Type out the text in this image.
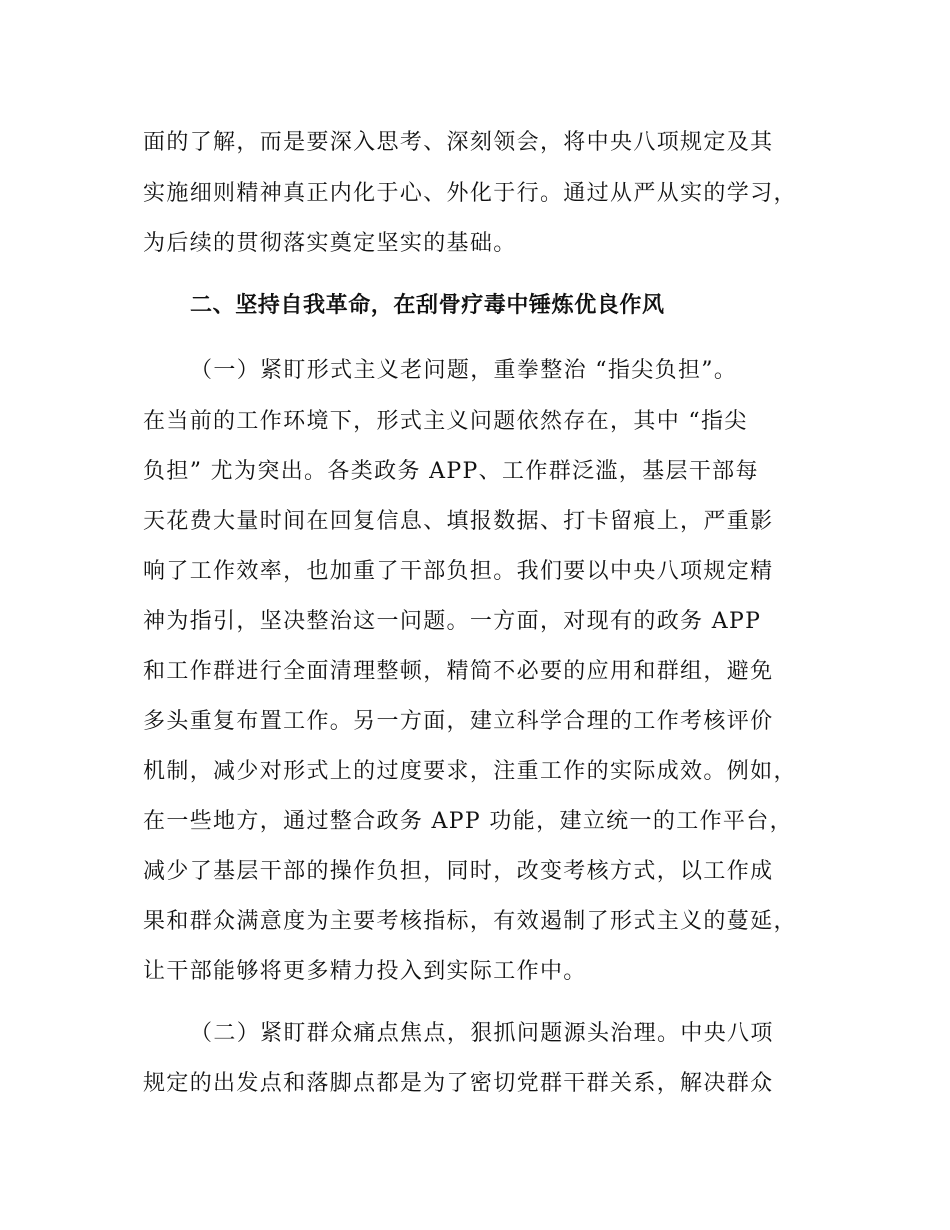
面的了解，而是要深入思考、深刻领会，将中央八项规定及其
实施细则精神真正内化于心、外化于行。通过从严从实的学习，
为后续的贯彻落实奠定坚实的基础。
二、坚持自我革命，在刮骨疗毒中锤炼优良作风
（一）紧盯形式主义老问题，重拳整治 “指尖负担”。
在当前的工作环境下，形式主义问题依然存在，其中 “指尖
负担” 尤为突出。各类政务 APP、工作群泛滥，基层干部每
天花费大量时间在回复信息、填报数据、打卡留痕上，严重影
响了工作效率，也加重了干部负担。我们要以中央八项规定精
神为指引，坚决整治这一问题。一方面，对现有的政务 APP
和工作群进行全面清理整顿，精简不必要的应用和群组，避免
多头重复布置工作。另一方面，建立科学合理的工作考核评价
机制，减少对形式上的过度要求，注重工作的实际成效。例如，
在一些地方，通过整合政务 APP 功能，建立统一的工作平台，
减少了基层干部的操作负担，同时，改变考核方式，以工作成
果和群众满意度为主要考核指标，有效遏制了形式主义的蔓延，
让干部能够将更多精力投入到实际工作中。
（二）紧盯群众痛点焦点，狠抓问题源头治理。中央八项
规定的出发点和落脚点都是为了密切党群干群关系，解决群众
